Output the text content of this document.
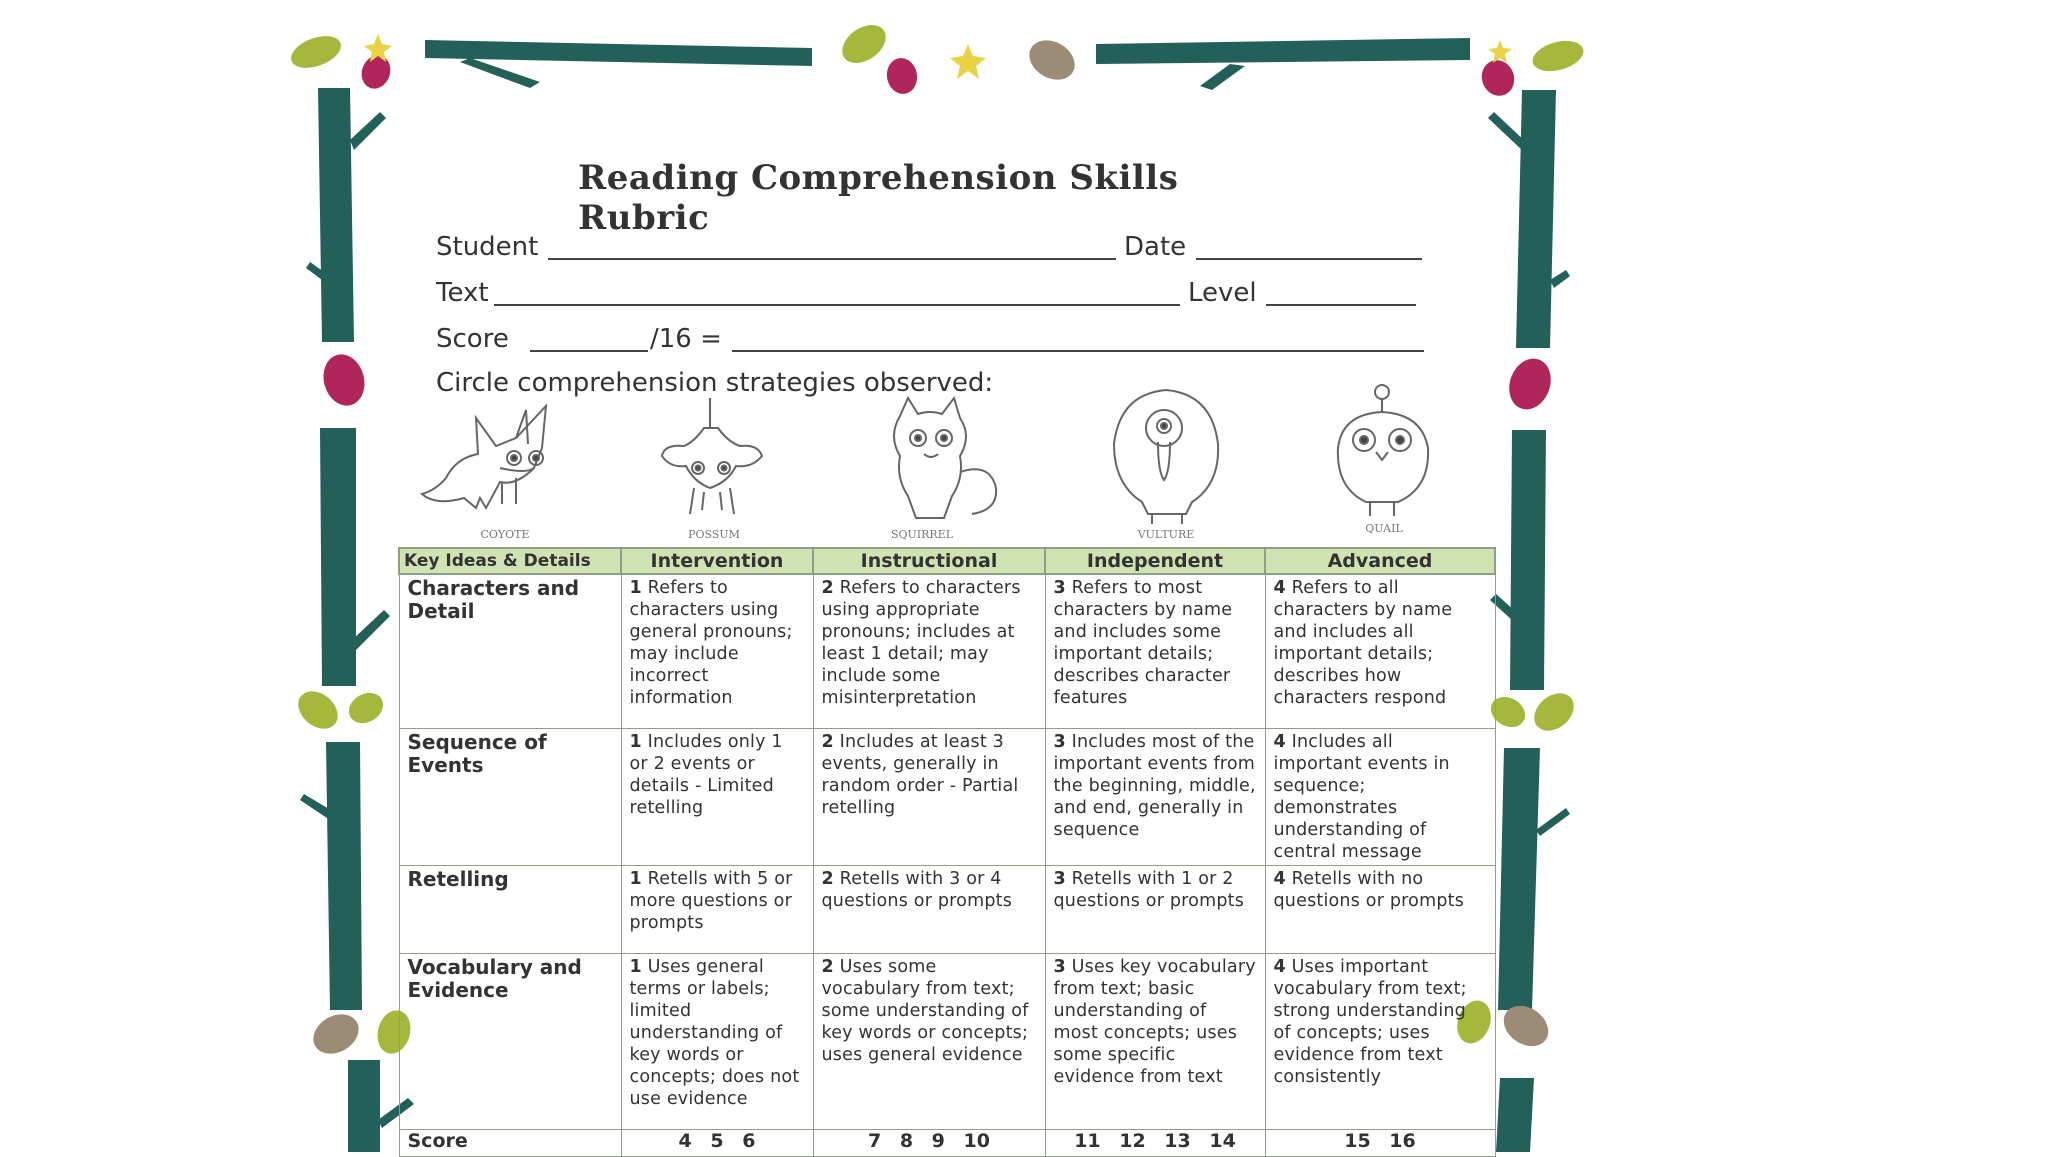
Reading Comprehension Skills Rubric
Student	Date
Text	Level
Score	/16 =
Circle comprehension strategies observed:
COYOTE	POSSUM	SQUIRREL	VULTURE	QUAIL
Key Ideas & Details	Intervention	Instructional	Independent	Advanced
Characters and Detail	1 Refers to characters using general pronouns; may include incorrect information	2 Refers to characters using appropriate pronouns; includes at least 1 detail; may include some misinterpretation	3 Refers to most characters by name and includes some important details; describes character features	4 Refers to all characters by name and includes all important details; describes how characters respond
Sequence of Events	1 Includes only 1 or 2 events or details - Limited retelling	2 Includes at least 3 events, generally in random order - Partial retelling	3 Includes most of the important events from the beginning, middle, and end, generally in sequence	4 Includes all important events in sequence; demonstrates understanding of central message
Retelling	1 Retells with 5 or more questions or prompts	2 Retells with 3 or 4 questions or prompts	3 Retells with 1 or 2 questions or prompts	4 Retells with no questions or prompts
Vocabulary and Evidence	1 Uses general terms or labels; limited understanding of key words or concepts; does not use evidence	2 Uses some vocabulary from text; some understanding of key words or concepts; uses general evidence	3 Uses key vocabulary from text; basic understanding of most concepts; uses some specific evidence from text	4 Uses important vocabulary from text; strong understanding of concepts; uses evidence from text consistently
Score	4 5 6	7 8 9 10	11 12 13 14	15 16
